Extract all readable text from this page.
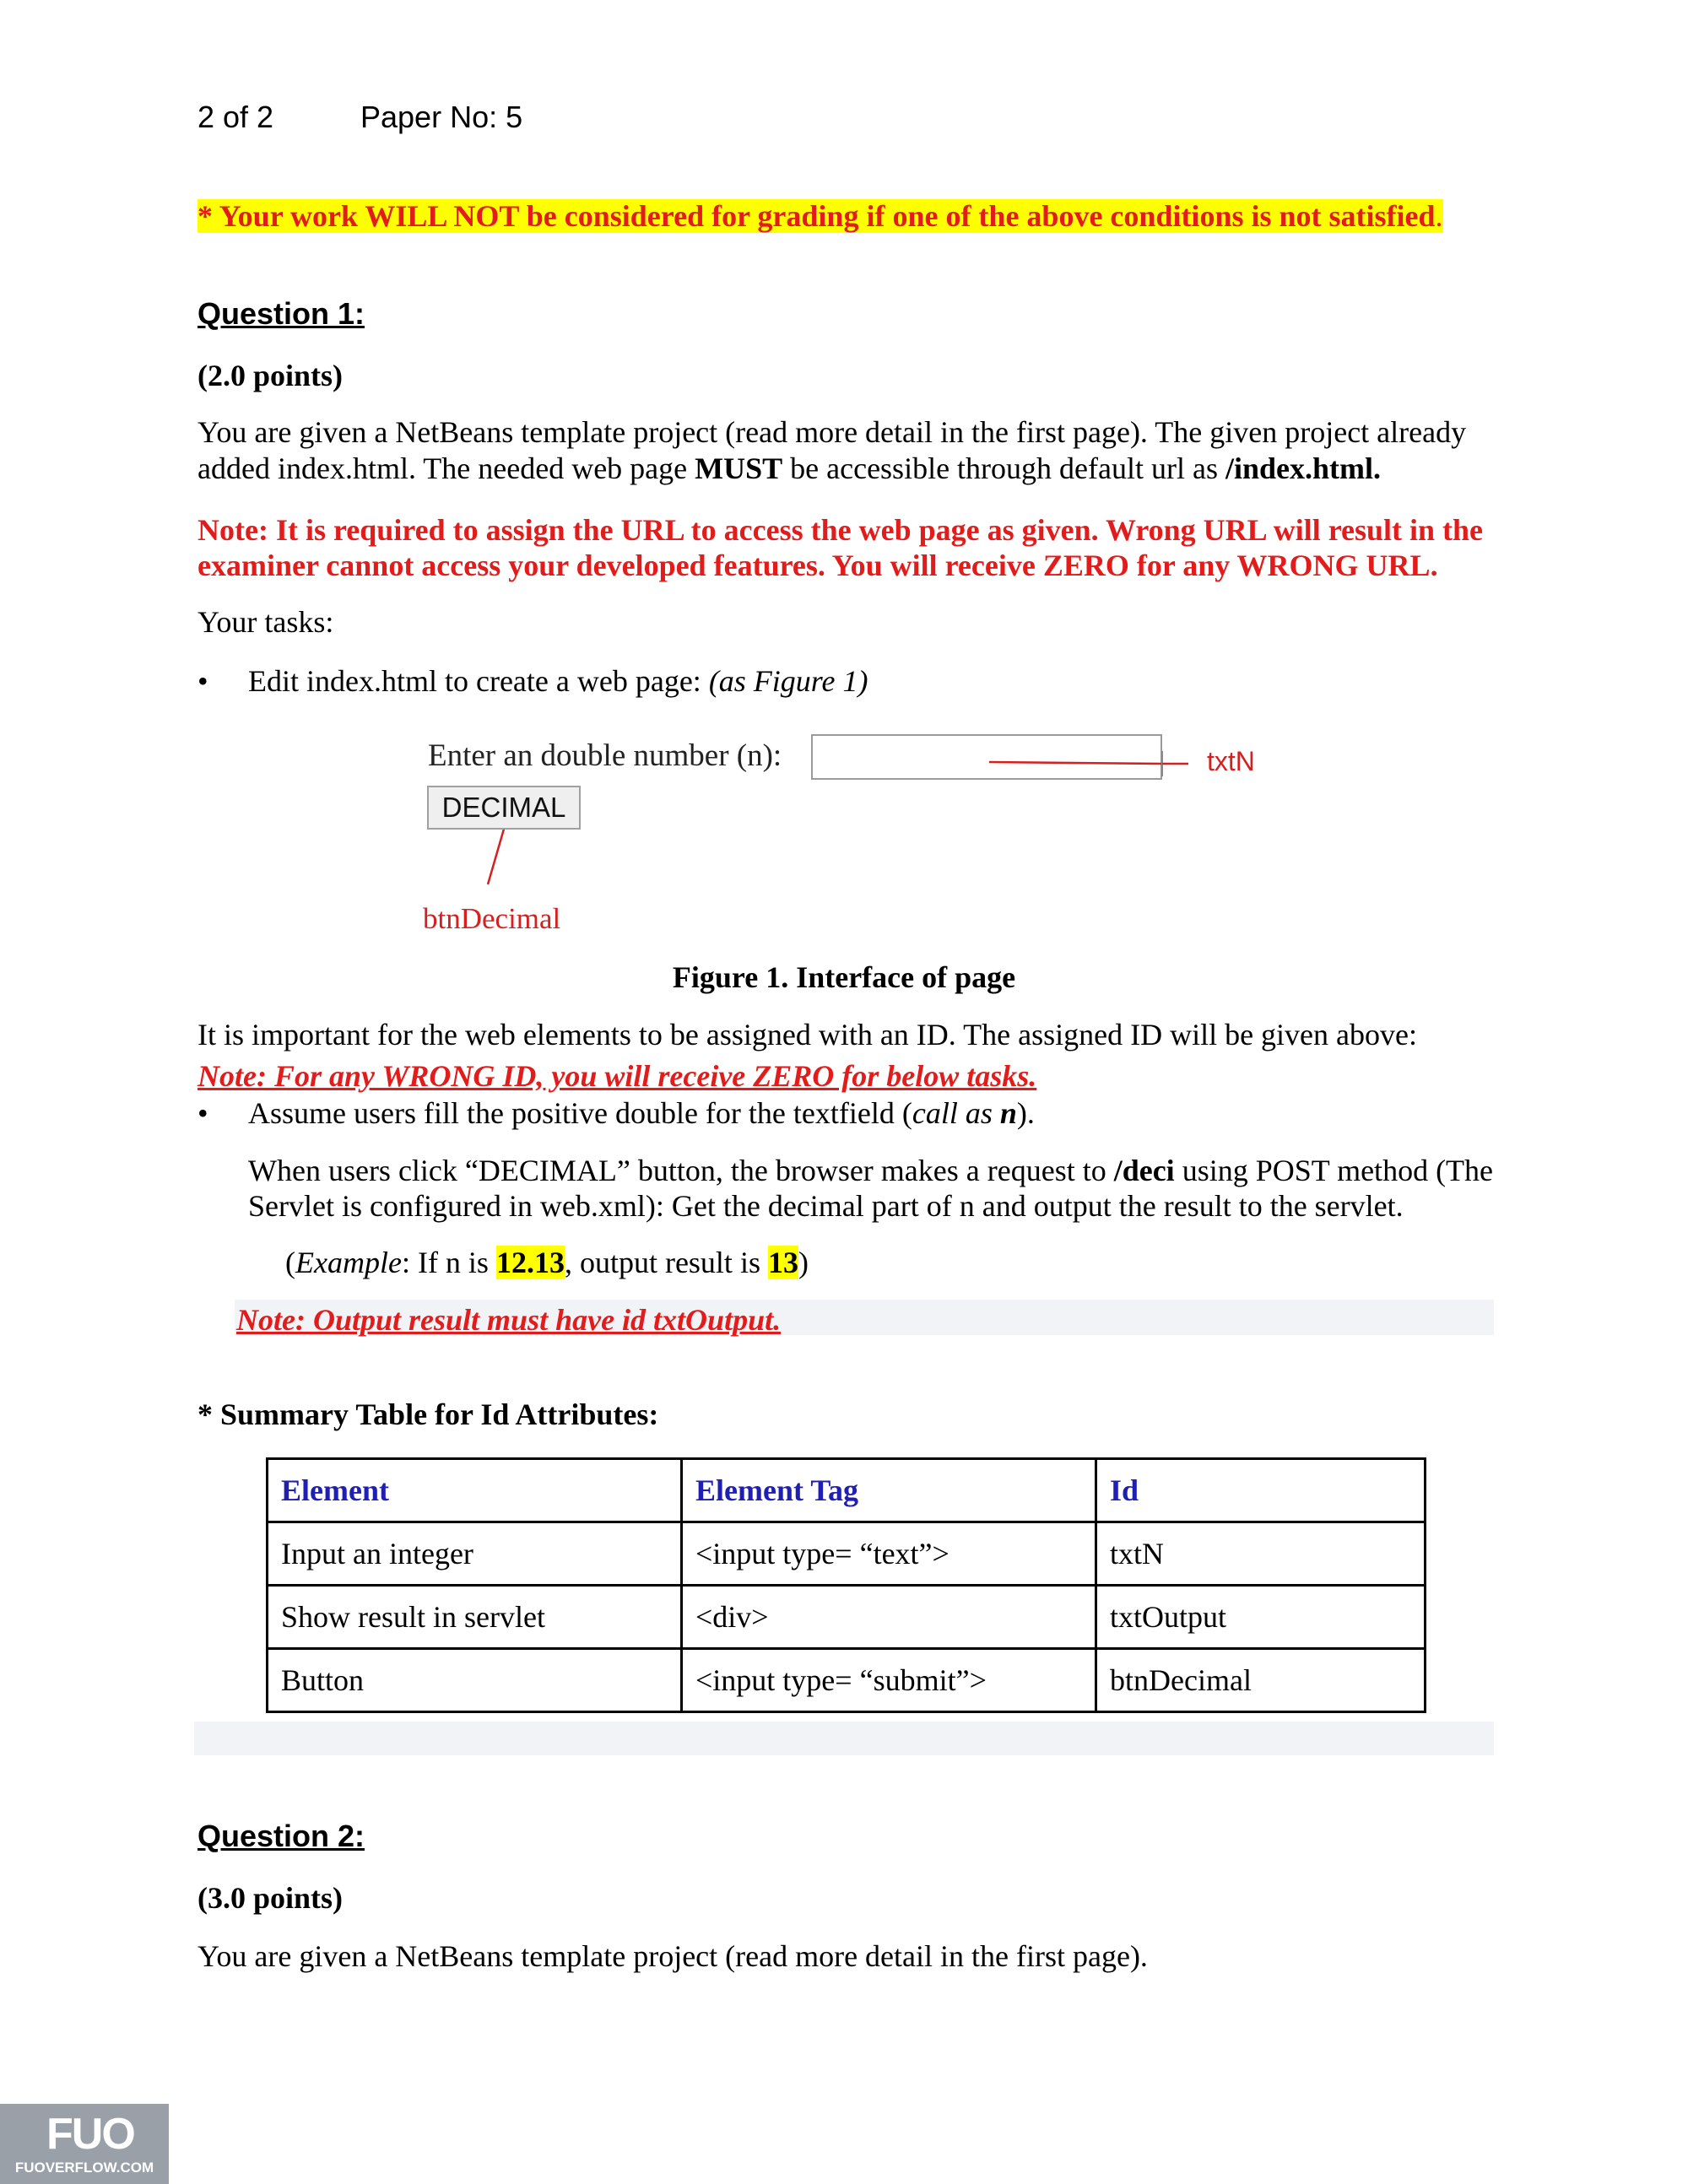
2 of 2	Paper No: 5
* Your work WILL NOT be considered for grading if one of the above conditions is not satisfied.
Question 1:
(2.0 points)
You are given a NetBeans template project (read more detail in the first page). The given project already
added index.html. The needed web page MUST be accessible through default url as /index.html.
Note: It is required to assign the URL to access the web page as given. Wrong URL will result in the
examiner cannot access your developed features. You will receive ZERO for any WRONG URL.
Your tasks:
• Edit index.html to create a web page: (as Figure 1)
Enter an double number (n):	txtN
DECIMAL
btnDecimal
Figure 1. Interface of page
It is important for the web elements to be assigned with an ID. The assigned ID will be given above:
Note: For any WRONG ID, you will receive ZERO for below tasks.
• Assume users fill the positive double for the textfield (call as n).
When users click “DECIMAL” button, the browser makes a request to /deci using POST method (The
Servlet is configured in web.xml): Get the decimal part of n and output the result to the servlet.
(Example: If n is 12.13, output result is 13)
Note: Output result must have id txtOutput.
* Summary Table for Id Attributes:
Element	Element Tag	Id
Input an integer	<input type= “text”>	txtN
Show result in servlet	<div>	txtOutput
Button	<input type= “submit”>	btnDecimal
Question 2:
(3.0 points)
You are given a NetBeans template project (read more detail in the first page).
FUO
FUOVERFLOW.COM
